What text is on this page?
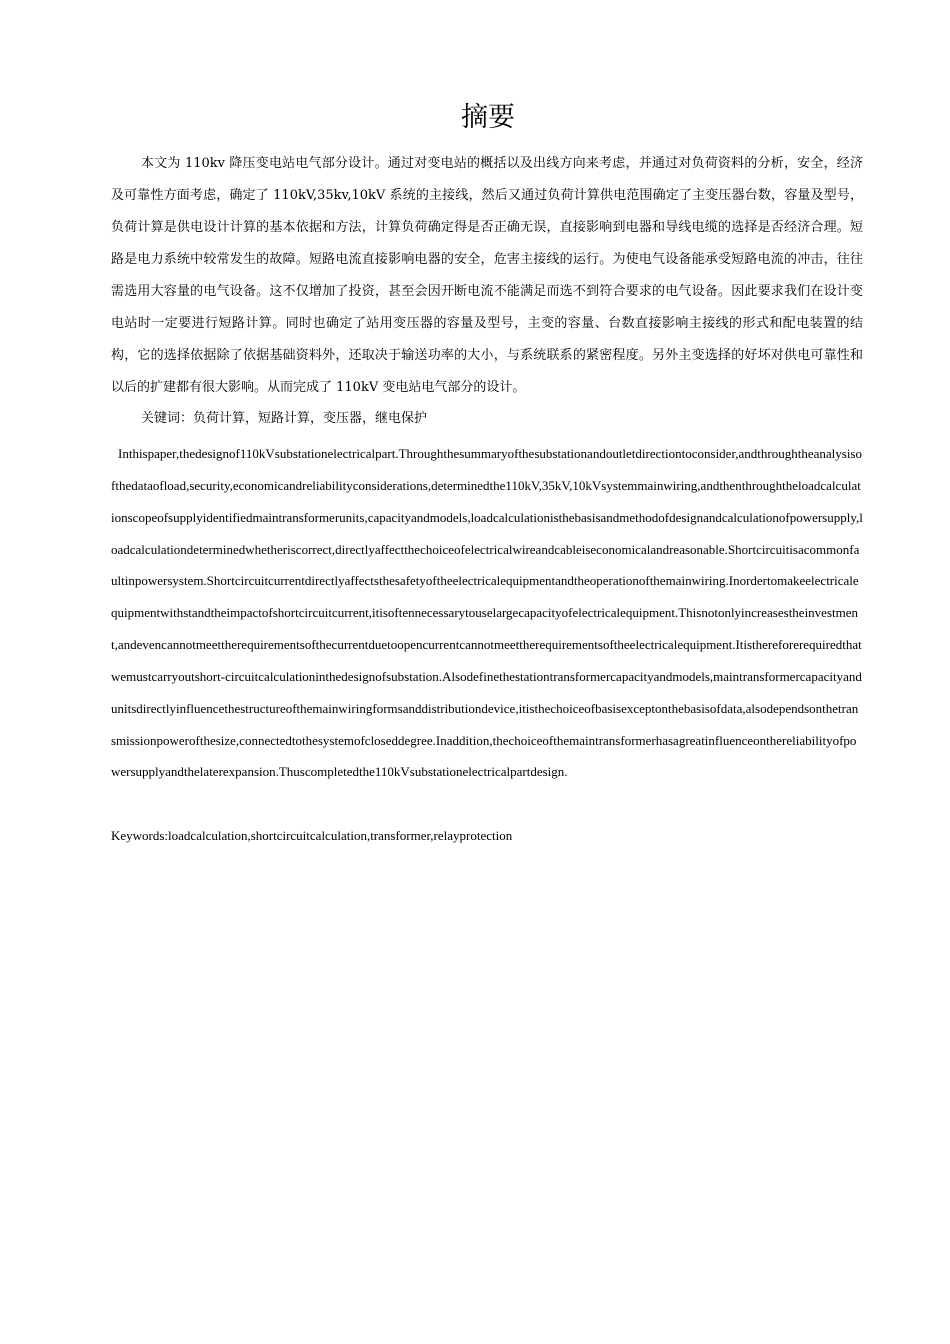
摘要

本文为 110kv 降压变电站电气部分设计。通过对变电站的概括以及出线方向来考虑，并通过对负荷资料的分析，安全，经济及可靠性方面考虑，确定了 110kV,35kv,10kV 系统的主接线，然后又通过负荷计算供电范围确定了主变压器台数，容量及型号，负荷计算是供电设计计算的基本依据和方法，计算负荷确定得是否正确无误，直接影响到电器和导线电缆的选择是否经济合理。短路是电力系统中较常发生的故障。短路电流直接影响电器的安全，危害主接线的运行。为使电气设备能承受短路电流的冲击，往往需选用大容量的电气设备。这不仅增加了投资，甚至会因开断电流不能满足而选不到符合要求的电气设备。因此要求我们在设计变电站时一定要进行短路计算。同时也确定了站用变压器的容量及型号，主变的容量、台数直接影响主接线的形式和配电装置的结构，它的选择依据除了依据基础资料外，还取决于输送功率的大小，与系统联系的紧密程度。另外主变选择的好坏对供电可靠性和以后的扩建都有很大影响。从而完成了 110kV 变电站电气部分的设计。

关键词：负荷计算，短路计算，变压器，继电保护

Inthispaper,thedesignof110kVsubstationelectricalpart.Throughthesummaryofthesubstationandoutletdirectiontoconsider,andthroughtheanalysisofthedataofload,security,economicandreliabilityconsiderations,determinedthe110kV,35kV,10kVsystemmainwiring,andthenthroughtheloadcalculationscopeofsupplyidentifiedmaintransformerunits,capacityandmodels,loadcalculationisthebasisandmethodofdesignandcalculationofpowersupply,loadcalculationdeterminedwhetheriscorrect,directlyaffectthechoiceofelectricalwireandcableiseconomicalandreasonable.Shortcircuitisacommonfaultinpowersystem.Shortcircuitcurrentdirectlyaffectsthesafetyoftheelectricalequipmentandtheoperationofthemainwiring.Inordertomakeelectricalequipmentwithstandtheimpactofshortcircuitcurrent,itisoftennecessarytouselargecapacityofelectricalequipment.Thisnotonlyincreasestheinvestment,andevencannotmeettherequirementsofthecurrentduetoopencurrentcannotmeettherequirementsoftheelectricalequipment.Itisthereforerequiredthatwemustcarryoutshort-circuitcalculationinthedesignofsubstation.Alsodefinethestationtransformercapacityandmodels,maintransformercapacityandunitsdirectlyinfluencethestructureofthemainwiringformsanddistributiondevice,itisthechoiceofbasisexceptonthebasisofdata,alsodependsonthetransmissionpowerofthesize,connectedtothesystemofcloseddegree.Inaddition,thechoiceofthemaintransformerhasagreatinfluenceonthereliabilityofpowersupplyandthelaterexpansion.Thuscompletedthe110kVsubstationelectricalpartdesign.

Keywords:loadcalculation,shortcircuitcalculation,transformer,relayprotection
